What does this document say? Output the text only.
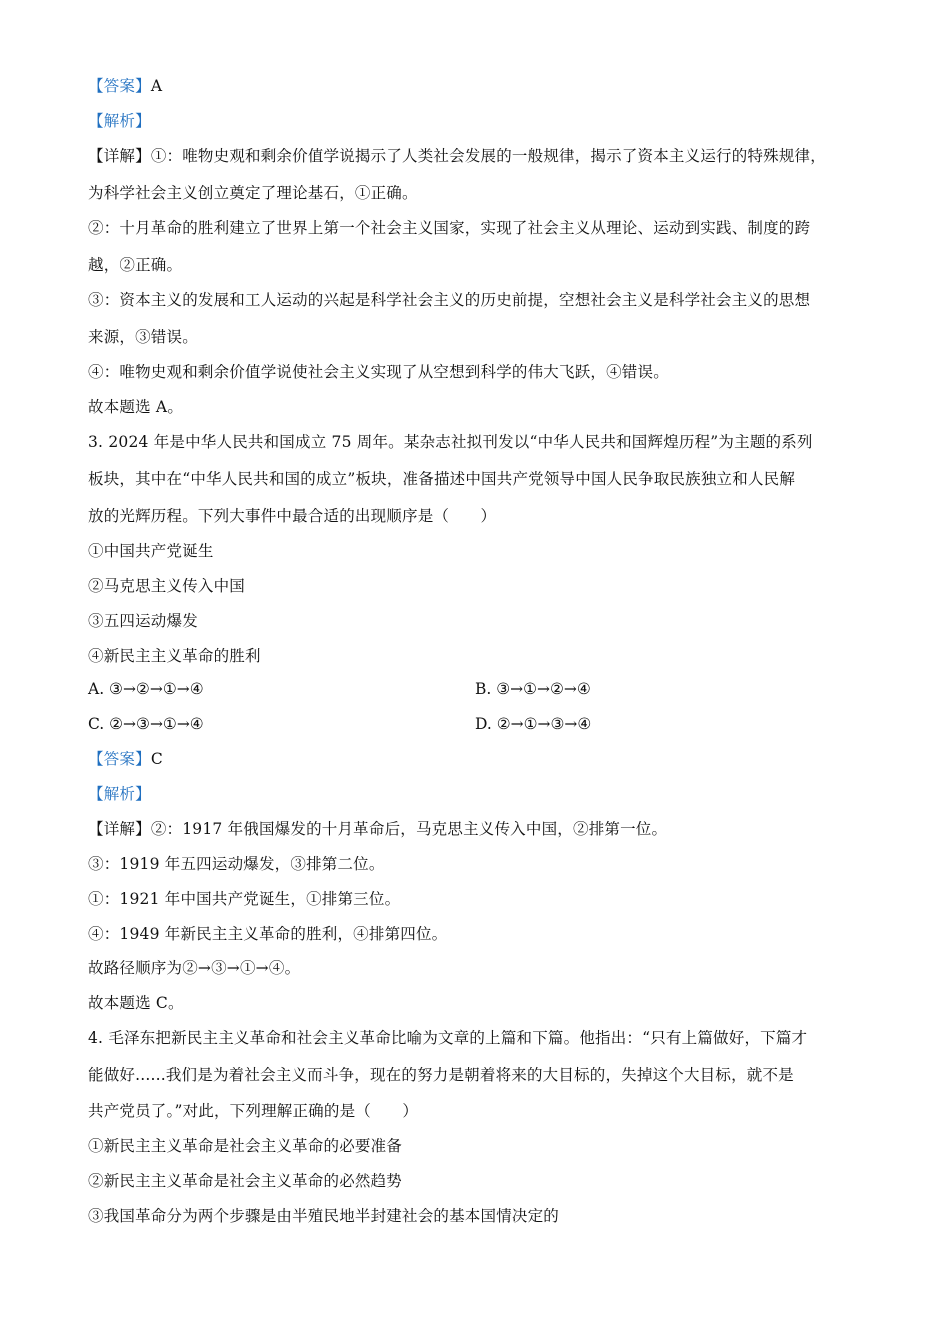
【答案】A
【解析】
【详解】①：唯物史观和剩余价值学说揭示了人类社会发展的一般规律，揭示了资本主义运行的特殊规律，
为科学社会主义创立奠定了理论基石，①正确。
②：十月革命的胜利建立了世界上第一个社会主义国家，实现了社会主义从理论、运动到实践、制度的跨
越，②正确。
③：资本主义的发展和工人运动的兴起是科学社会主义的历史前提，空想社会主义是科学社会主义的思想
来源，③错误。
④：唯物史观和剩余价值学说使社会主义实现了从空想到科学的伟大飞跃，④错误。
故本题选 A。
3. 2024 年是中华人民共和国成立 75 周年。某杂志社拟刊发以“中华人民共和国辉煌历程”为主题的系列
板块，其中在“中华人民共和国的成立”板块，准备描述中国共产党领导中国人民争取民族独立和人民解
放的光辉历程。下列大事件中最合适的出现顺序是（　　）
①中国共产党诞生
②马克思主义传入中国
③五四运动爆发
④新民主主义革命的胜利
A. ③→②→①→④	B. ③→①→②→④
C. ②→③→①→④	D. ②→①→③→④
【答案】C
【解析】
【详解】②：1917 年俄国爆发的十月革命后，马克思主义传入中国，②排第一位。
③：1919 年五四运动爆发，③排第二位。
①：1921 年中国共产党诞生，①排第三位。
④：1949 年新民主主义革命的胜利，④排第四位。
故路径顺序为②→③→①→④。
故本题选 C。
4. 毛泽东把新民主主义革命和社会主义革命比喻为文章的上篇和下篇。他指出：“只有上篇做好，下篇才
能做好......我们是为着社会主义而斗争，现在的努力是朝着将来的大目标的，失掉这个大目标，就不是
共产党员了。”对此，下列理解正确的是（　　）
①新民主主义革命是社会主义革命的必要准备
②新民主主义革命是社会主义革命的必然趋势
③我国革命分为两个步骤是由半殖民地半封建社会的基本国情决定的
